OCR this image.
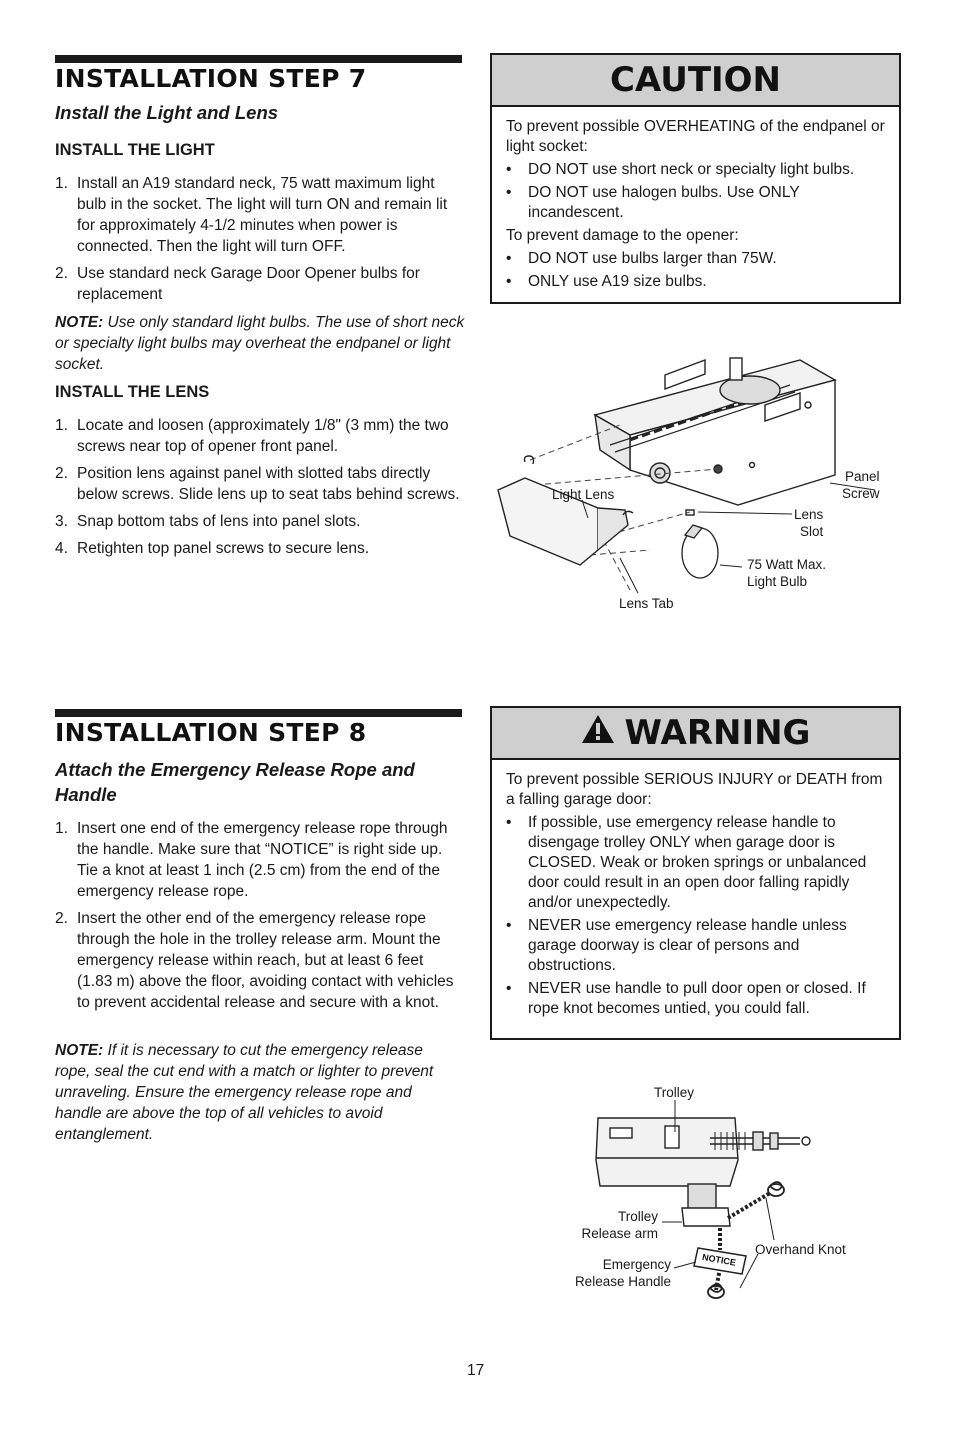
INSTALLATION STEP 7
Install the Light and Lens
INSTALL THE LIGHT
1. Install an A19 standard neck, 75 watt maximum light bulb in the socket. The light will turn ON and remain lit for approximately 4-1/2 minutes when power is connected. Then the light will turn OFF.
2. Use standard neck Garage Door Opener bulbs for replacement
NOTE: Use only standard light bulbs. The use of short neck or specialty light bulbs may overheat the endpanel or light socket.
INSTALL THE LENS
1. Locate and loosen (approximately 1/8" (3 mm) the two screws near top of opener front panel.
2. Position lens against panel with slotted tabs directly below screws. Slide lens up to seat tabs behind screws.
3. Snap bottom tabs of lens into panel slots.
4. Retighten top panel screws to secure lens.
CAUTION

To prevent possible OVERHEATING of the endpanel or light socket:

• DO NOT use short neck or specialty light bulbs.
• DO NOT use halogen bulbs. Use ONLY incandescent.

To prevent damage to the opener:

• DO NOT use bulbs larger than 75W.
• ONLY use A19 size bulbs.
Light Lens
Panel
Screw
Lens
Slot
75 Watt Max.
Light Bulb
Lens Tab
INSTALLATION STEP 8
Attach the Emergency Release Rope and Handle
1. Insert one end of the emergency release rope through the handle. Make sure that “NOTICE” is right side up. Tie a knot at least 1 inch (2.5 cm) from the end of the emergency release rope.
2. Insert the other end of the emergency release rope through the hole in the trolley release arm. Mount the emergency release within reach, but at least 6 feet (1.83 m) above the floor, avoiding contact with vehicles to prevent accidental release and secure with a knot.
NOTE: If it is necessary to cut the emergency release rope, seal the cut end with a match or lighter to prevent unraveling. Ensure the emergency release rope and handle are above the top of all vehicles to avoid entanglement.
WARNING

To prevent possible SERIOUS INJURY or DEATH from a falling garage door:

• If possible, use emergency release handle to disengage trolley ONLY when garage door is CLOSED. Weak or broken springs or unbalanced door could result in an open door falling rapidly and/or unexpectedly.
• NEVER use emergency release handle unless garage doorway is clear of persons and obstructions.
• NEVER use handle to pull door open or closed. If rope knot becomes untied, you could fall.
NOTICE
Trolley
Trolley
Release arm
Emergency
Release Handle
Overhand Knot
17
